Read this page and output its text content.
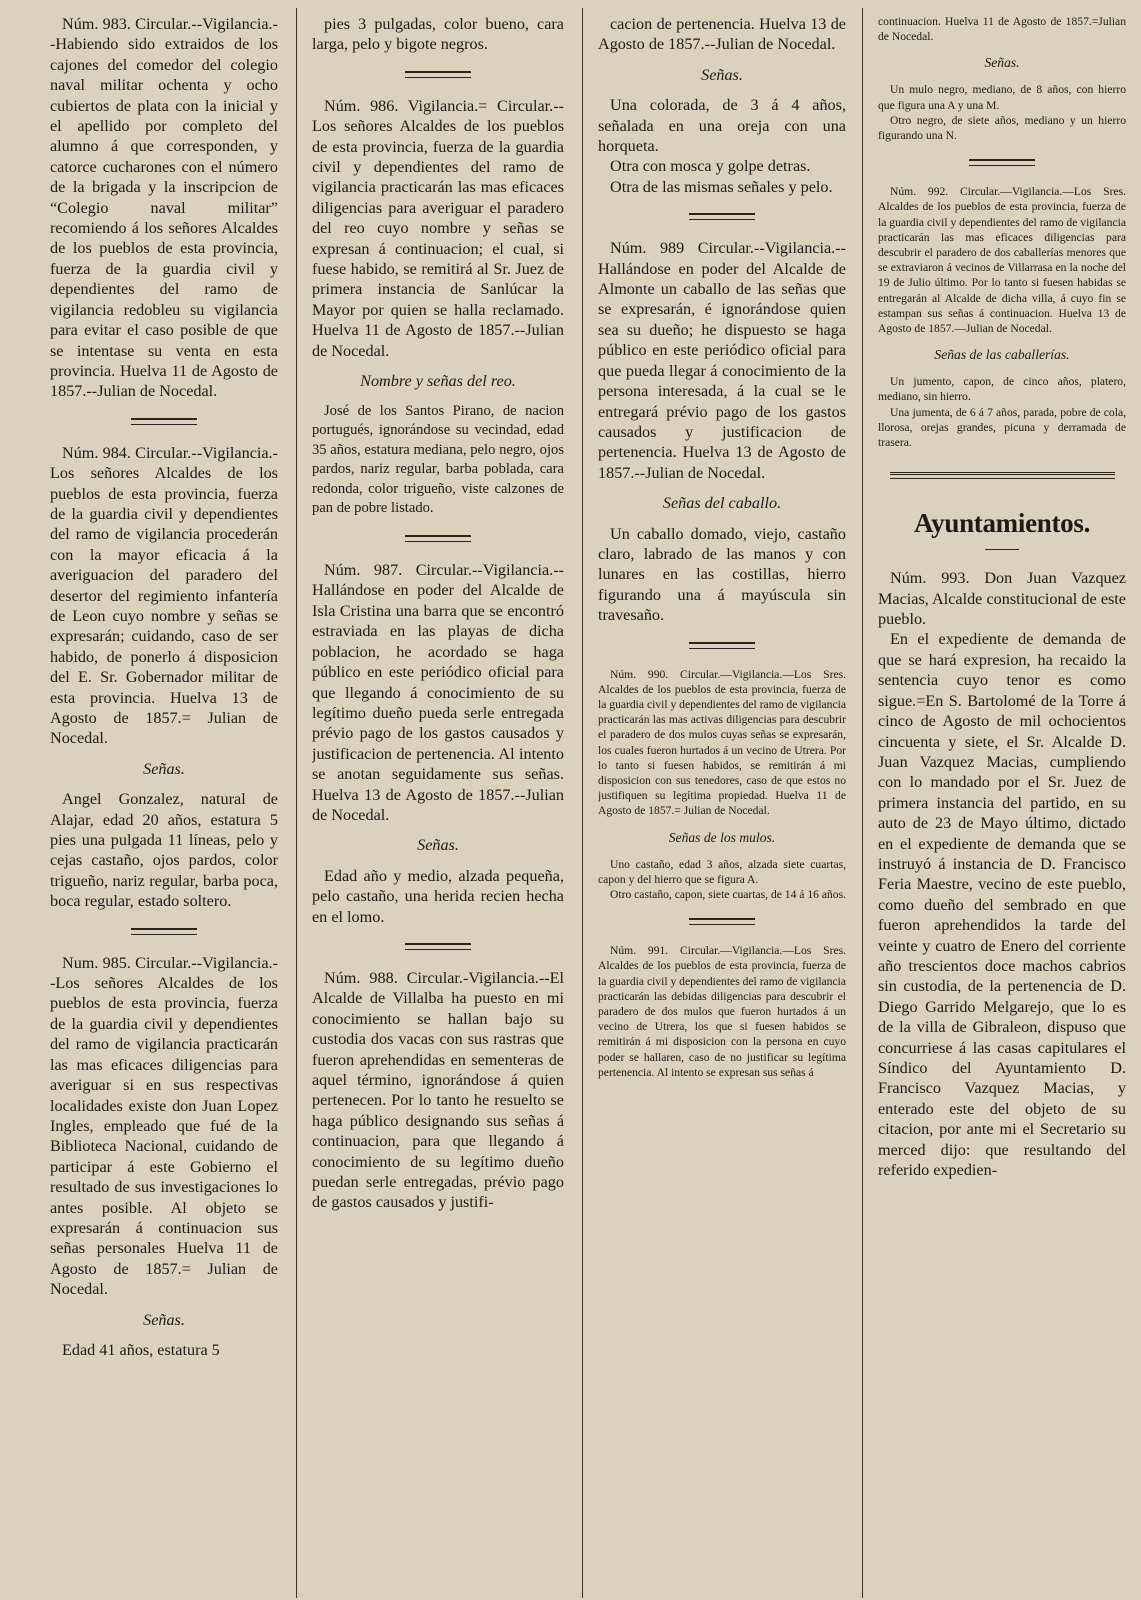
Núm. 983. Circular.--Vigilancia.--Habiendo sido extraidos de los cajones del comedor del colegio naval militar ochenta y ocho cubiertos de plata con la inicial y el apellido por completo del alumno á que corresponden, y catorce cucharones con el número de la brigada y la inscripcion de “Colegio naval militar” recomiendo á los señores Alcaldes de los pueblos de esta provincia, fuerza de la guardia civil y dependientes del ramo de vigilancia redobleu su vigilancia para evitar el caso posible de que se intentase su venta en esta provincia. Huelva 11 de Agosto de 1857.--Julian de Nocedal.

Núm. 984. Circular.--Vigilancia.- Los señores Alcaldes de los pueblos de esta provincia, fuerza de la guardia civil y dependientes del ramo de vigilancia procederán con la mayor eficacia á la averiguacion del paradero del desertor del regimiento infantería de Leon cuyo nombre y señas se expresarán; cuidando, caso de ser habido, de ponerlo á disposicion del E. Sr. Gobernador militar de esta provincia. Huelva 13 de Agosto de 1857.= Julian de Nocedal.

Señas.

Angel Gonzalez, natural de Alajar, edad 20 años, estatura 5 pies una pulgada 11 líneas, pelo y cejas castaño, ojos pardos, color trigueño, nariz regular, barba poca, boca regular, estado soltero.

Num. 985. Circular.--Vigilancia.--Los señores Alcaldes de los pueblos de esta provincia, fuerza de la guardia civil y dependientes del ramo de vigilancia practicarán las mas eficaces diligencias para averiguar si en sus respectivas localidades existe don Juan Lopez Ingles, empleado que fué de la Biblioteca Nacional, cuidando de participar á este Gobierno el resultado de sus investigaciones lo antes posible. Al objeto se expresarán á continuacion sus señas personales Huelva 11 de Agosto de 1857.= Julian de Nocedal.

Señas.

Edad 41 años, estatura 5

pies 3 pulgadas, color bueno, cara larga, pelo y bigote negros.

Núm. 986. Vigilancia.= Circular.--Los señores Alcaldes de los pueblos de esta provincia, fuerza de la guardia civil y dependientes del ramo de vigilancia practicarán las mas eficaces diligencias para averiguar el paradero del reo cuyo nombre y señas se expresan á continuacion; el cual, si fuese habido, se remitirá al Sr. Juez de primera instancia de Sanlúcar la Mayor por quien se halla reclamado. Huelva 11 de Agosto de 1857.--Julian de Nocedal.

Nombre y señas del reo.

José de los Santos Pirano, de nacion portugués, ignorándose su vecindad, edad 35 años, estatura mediana, pelo negro, ojos pardos, nariz regular, barba poblada, cara redonda, color trigueño, viste calzones de pan de pobre listado.

Núm. 987. Circular.--Vigilancia.--Hallándose en poder del Alcalde de Isla Cristina una barra que se encontró estraviada en las playas de dicha poblacion, he acordado se haga público en este periódico oficial para que llegando á conocimiento de su legítimo dueño pueda serle entregada prévio pago de los gastos causados y justificacion de pertenencia. Al intento se anotan seguidamente sus señas. Huelva 13 de Agosto de 1857.--Julian de Nocedal.

Señas.

Edad año y medio, alzada pequeña, pelo castaño, una herida recien hecha en el lomo.

Núm. 988. Circular.-Vigilancia.--El Alcalde de Villalba ha puesto en mi conocimiento se hallan bajo su custodia dos vacas con sus rastras que fueron aprehendidas en sementeras de aquel término, ignorándose á quien pertenecen. Por lo tanto he resuelto se haga público designando sus señas á continuacion, para que llegando á conocimiento de su legítimo dueño puedan serle entregadas, prévio pago de gastos causados y justifi-

cacion de pertenencia. Huelva 13 de Agosto de 1857.--Julian de Nocedal.

Señas.

Una colorada, de 3 á 4 años, señalada en una oreja con una horqueta.

Otra con mosca y golpe detras.

Otra de las mismas señales y pelo.

Núm. 989 Circular.--Vigilancia.--Hallándose en poder del Alcalde de Almonte un caballo de las señas que se expresarán, é ignorándose quien sea su dueño; he dispuesto se haga público en este periódico oficial para que pueda llegar á conocimiento de la persona interesada, á la cual se le entregará prévio pago de los gastos causados y justificacion de pertenencia. Huelva 13 de Agosto de 1857.--Julian de Nocedal.

Señas del caballo.

Un caballo domado, viejo, castaño claro, labrado de las manos y con lunares en las costillas, hierro figurando una á mayúscula sin travesaño.

Núm. 990. Circular.—Vigilancia.—Los Sres. Alcaldes de los pueblos de esta provincia, fuerza de la guardia civil y dependientes del ramo de vigilancia practicarán las mas activas diligencias para descubrir el paradero de dos mulos cuyas señas se expresarán, los cuales fueron hurtados á un vecino de Utrera. Por lo tanto si fuesen habidos, se remitirán á mi disposicion con sus tenedores, caso de que estos no justifiquen su legítima propiedad. Huelva 11 de Agosto de 1857.= Julian de Nocedal.

Señas de los mulos.

Uno castaño, edad 3 años, alzada siete cuartas, capon y del hierro que se figura A.

Otro castaño, capon, siete cuartas, de 14 á 16 años.

Núm. 991. Circular.—Vigilancia.—Los Sres. Alcaldes de los pueblos de esta provincia, fuerza de la guardia civil y dependientes del ramo de vigilancia practicarán las debidas diligencias para descubrir el paradero de dos mulos que fueron hurtados á un vecino de Utrera, los que si fuesen habidos se remitirán á mi disposicion con la persona en cuyo poder se hallaren, caso de no justificar su legítima pertenencia. Al intento se expresan sus señas á

continuacion. Huelva 11 de Agosto de 1857.=Julian de Nocedal.

Señas.

Un mulo negro, mediano, de 8 años, con hierro que figura una A y una M.

Otro negro, de siete años, mediano y un hierro figurando una N.

Núm. 992. Circular.—Vigilancia.—Los Sres. Alcaldes de los pueblos de esta provincia, fuerza de la guardia civil y dependientes del ramo de vigilancia practicarán las mas eficaces diligencias para descubrir el paradero de dos caballerías menores que se extraviaron á vecinos de Villarrasa en la noche del 19 de Julio último. Por lo tanto si fuesen habidas se entregarán al Alcalde de dicha villa, á cuyo fin se estampan sus señas á continuacion. Huelva 13 de Agosto de 1857.—Julian de Nocedal.

Señas de las caballerías.

Un jumento, capon, de cinco años, platero, mediano, sin hierro.

Una jumenta, de 6 á 7 años, parada, pobre de cola, llorosa, orejas grandes, picuna y derramada de trasera.

Ayuntamientos.

Núm. 993. Don Juan Vazquez Macias, Alcalde constitucional de este pueblo.

En el expediente de demanda de que se hará expresion, ha recaido la sentencia cuyo tenor es como sigue.=En S. Bartolomé de la Torre á cinco de Agosto de mil ochocientos cincuenta y siete, el Sr. Alcalde D. Juan Vazquez Macias, cumpliendo con lo mandado por el Sr. Juez de primera instancia del partido, en su auto de 23 de Mayo último, dictado en el expediente de demanda que se instruyó á instancia de D. Francisco Feria Maestre, vecino de este pueblo, como dueño del sembrado en que fueron aprehendidos la tarde del veinte y cuatro de Enero del corriente año trescientos doce machos cabrios sin custodia, de la pertenencia de D. Diego Garrido Melgarejo, que lo es de la villa de Gibraleon, dispuso que concurriese á las casas capitulares el Síndico del Ayuntamiento D. Francisco Vazquez Macias, y enterado este del objeto de su citacion, por ante mi el Secretario su merced dijo: que resultando del referido expedien-
